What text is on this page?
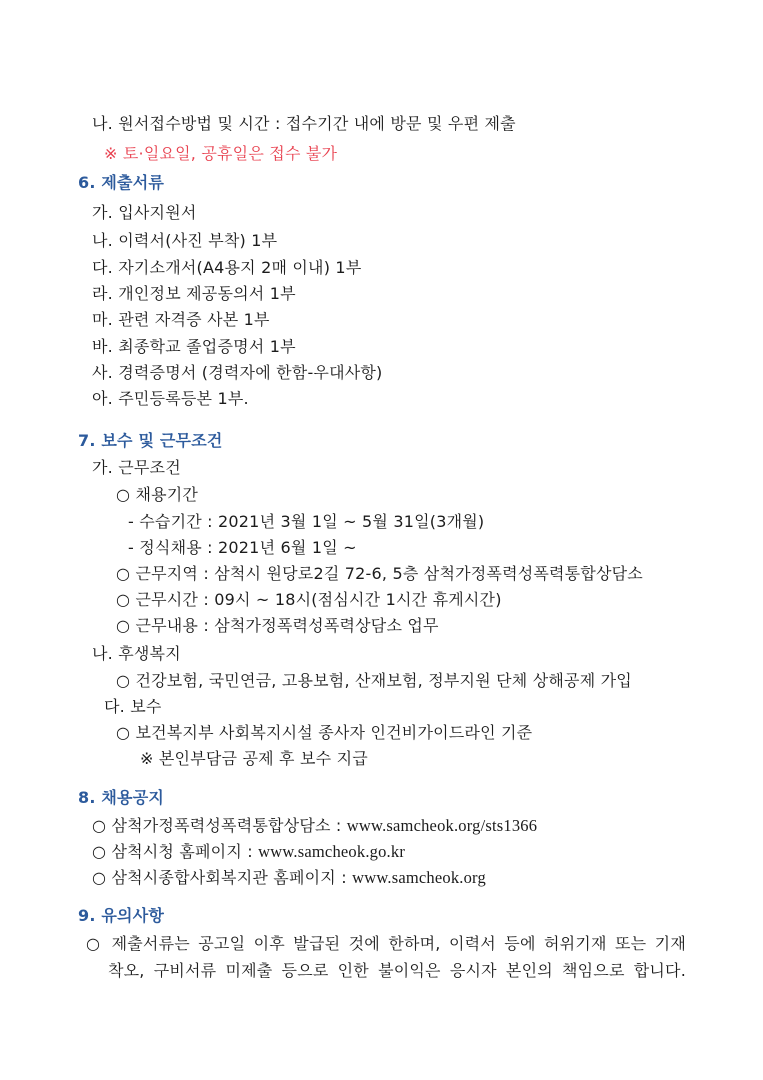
나. 원서접수방법 및 시간 : 접수기간 내에 방문 및 우편 제출
※ 토·일요일, 공휴일은 접수 불가
6. 제출서류
가. 입사지원서
나. 이력서(사진 부착) 1부
다. 자기소개서(A4용지 2매 이내) 1부
라. 개인정보 제공동의서 1부
마. 관련 자격증 사본 1부
바. 최종학교 졸업증명서 1부
사. 경력증명서 (경력자에 한함-우대사항)
아. 주민등록등본 1부.
7. 보수 및 근무조건
가. 근무조건
○ 채용기간
- 수습기간 : 2021년 3월 1일 ~ 5월 31일(3개월)
- 정식채용 : 2021년 6월 1일 ~
○ 근무지역 : 삼척시 원당로2길 72-6, 5층 삼척가정폭력성폭력통합상담소
○ 근무시간 : 09시 ~ 18시(점심시간 1시간 휴게시간)
○ 근무내용 : 삼척가정폭력성폭력상담소 업무
나. 후생복지
○ 건강보험, 국민연금, 고용보험, 산재보험, 정부지원 단체 상해공제 가입
다. 보수
○ 보건복지부 사회복지시설 종사자 인건비가이드라인 기준
※ 본인부담금 공제 후 보수 지급
8. 채용공지
○ 삼척가정폭력성폭력통합상담소 : www.samcheok.org/sts1366
○ 삼척시청 홈페이지 : www.samcheok.go.kr
○ 삼척시종합사회복지관 홈페이지 : www.samcheok.org
9. 유의사항
○ 제출서류는 공고일 이후 발급된 것에 한하며, 이력서 등에 허위기재 또는 기재
착오, 구비서류 미제출 등으로 인한 불이익은 응시자 본인의 책임으로 합니다.
